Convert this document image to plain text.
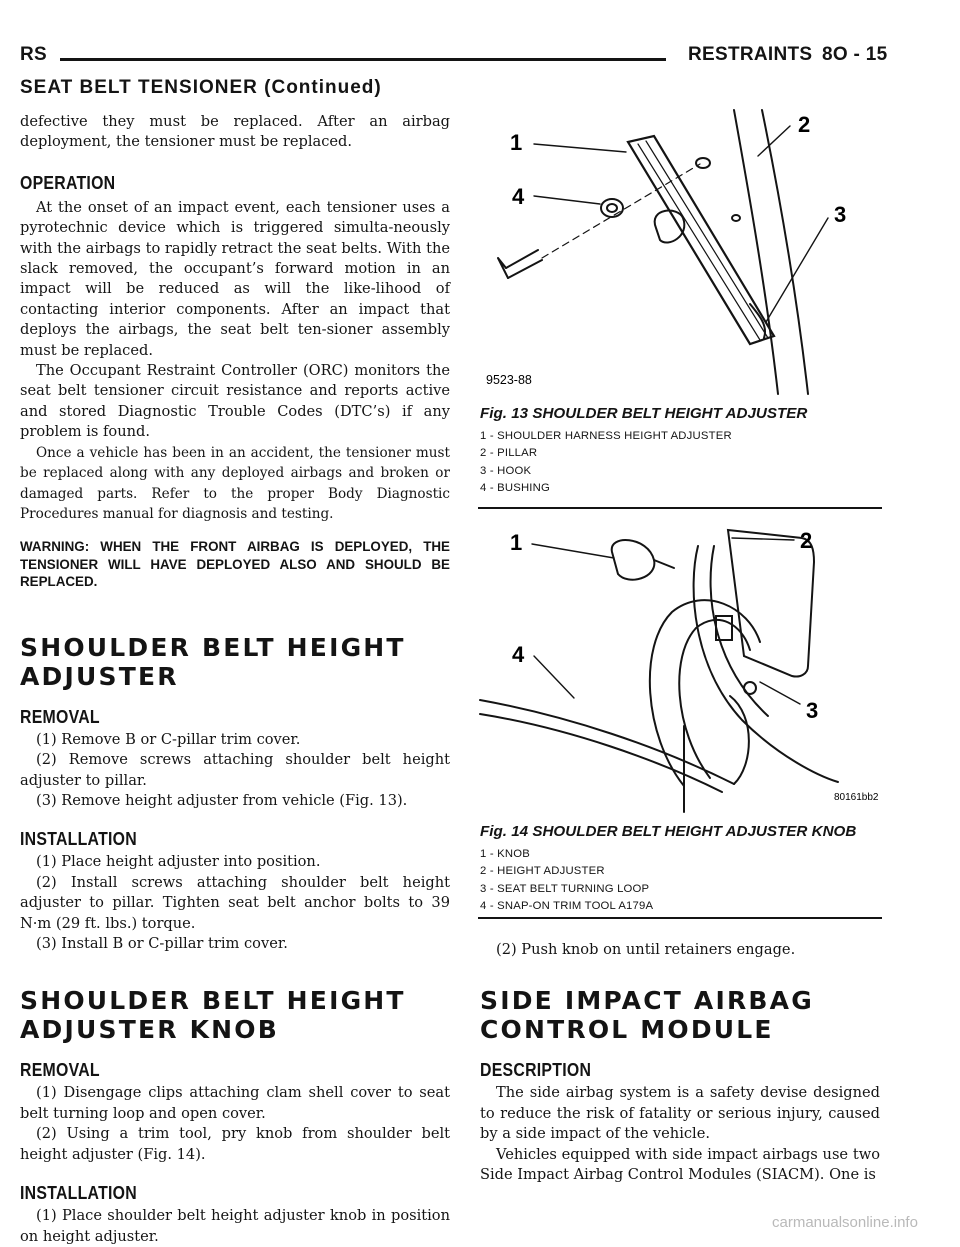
RS	RESTRAINTS 8O - 15
SEAT BELT TENSIONER (Continued)

defective they must be replaced. After an airbag deployment, the tensioner must be replaced.

OPERATION

At the onset of an impact event, each tensioner uses a pyrotechnic device which is triggered simulta-neously with the airbags to rapidly retract the seat belts. With the slack removed, the occupant’s forward motion in an impact will be reduced as will the like-lihood of contacting interior components. After an impact that deploys the airbags, the seat belt ten-sioner assembly must be replaced.

The Occupant Restraint Controller (ORC) monitors the seat belt tensioner circuit resistance and reports active and stored Diagnostic Trouble Codes (DTC’s) if any problem is found.

Once a vehicle has been in an accident, the tensioner must be replaced along with any deployed airbags and broken or damaged parts. Refer to the proper Body Diagnostic Procedures manual for diagnosis and testing.

WARNING: WHEN THE FRONT AIRBAG IS DEPLOYED, THE TENSIONER WILL HAVE DEPLOYED ALSO AND SHOULD BE REPLACED.

SHOULDER BELT HEIGHT

ADJUSTER

REMOVAL

(1) Remove B or C-pillar trim cover.

(2) Remove screws attaching shoulder belt height adjuster to pillar.

(3) Remove height adjuster from vehicle (Fig. 13).

INSTALLATION

(1) Place height adjuster into position.

(2) Install screws attaching shoulder belt height adjuster to pillar. Tighten seat belt anchor bolts to 39 N·m (29 ft. lbs.) torque.

(3) Install B or C-pillar trim cover.

SHOULDER BELT HEIGHT

ADJUSTER KNOB

REMOVAL

(1) Disengage clips attaching clam shell cover to seat belt turning loop and open cover.

(2) Using a trim tool, pry knob from shoulder belt height adjuster (Fig. 14).

INSTALLATION

(1) Place shoulder belt height adjuster knob in position on height adjuster.

1
2
3
4
9523-88

Fig. 13 SHOULDER BELT HEIGHT ADJUSTER

1 - SHOULDER HARNESS HEIGHT ADJUSTER

2 - PILLAR

3 - HOOK

4 - BUSHING

1	2
3
4
80161bb2

Fig. 14 SHOULDER BELT HEIGHT ADJUSTER KNOB

1 - KNOB

2 - HEIGHT ADJUSTER

3 - SEAT BELT TURNING LOOP

4 - SNAP-ON TRIM TOOL A179A

(2) Push knob on until retainers engage.

SIDE IMPACT AIRBAG

CONTROL MODULE

DESCRIPTION

The side airbag system is a safety devise designed to reduce the risk of fatality or serious injury, caused by a side impact of the vehicle.

Vehicles equipped with side impact airbags use two Side Impact Airbag Control Modules (SIACM). One is

carmanualsonline.info
